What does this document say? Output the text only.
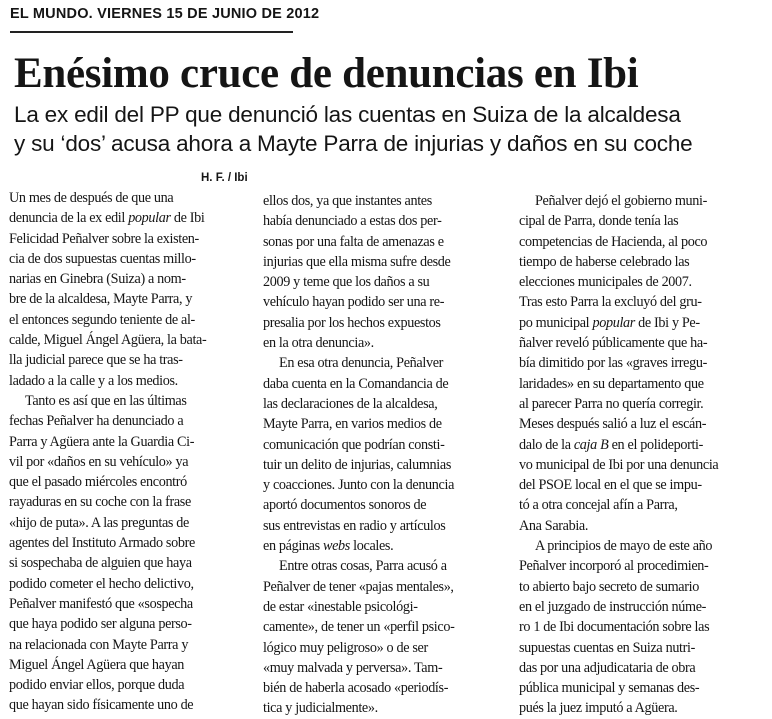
EL MUNDO. VIERNES 15 DE JUNIO DE 2012
Enésimo cruce de denuncias en Ibi
La ex edil del PP que denunció las cuentas en Suiza de la alcaldesa
y su ‘dos’ acusa ahora a Mayte Parra de injurias y daños en su coche
H. F. / Ibi
Un mes de después de que una
denuncia de la ex edil popular de Ibi
Felicidad Peñalver sobre la existen-
cia de dos supuestas cuentas millo-
narias en Ginebra (Suiza) a nom-
bre de la alcaldesa, Mayte Parra, y
el entonces segundo teniente de al-
calde, Miguel Ángel Agüera, la bata-
lla judicial parece que se ha tras-
ladado a la calle y a los medios.
Tanto es así que en las últimas
fechas Peñalver ha denunciado a
Parra y Agüera ante la Guardia Ci-
vil por «daños en su vehículo» ya
que el pasado miércoles encontró
rayaduras en su coche con la frase
«hijo de puta». A las preguntas de
agentes del Instituto Armado sobre
si sospechaba de alguien que haya
podido cometer el hecho delictivo,
Peñalver manifestó que «sospecha
que haya podido ser alguna perso-
na relacionada con Mayte Parra y
Miguel Ángel Agüera que hayan
podido enviar ellos, porque duda
que hayan sido físicamente uno de
ellos dos, ya que instantes antes
había denunciado a estas dos per-
sonas por una falta de amenazas e
injurias que ella misma sufre desde
2009 y teme que los daños a su
vehículo hayan podido ser una re-
presalia por los hechos expuestos
en la otra denuncia».
En esa otra denuncia, Peñalver
daba cuenta en la Comandancia de
las declaraciones de la alcaldesa,
Mayte Parra, en varios medios de
comunicación que podrían consti-
tuir un delito de injurias, calumnias
y coacciones. Junto con la denuncia
aportó documentos sonoros de
sus entrevistas en radio y artículos
en páginas webs locales.
Entre otras cosas, Parra acusó a
Peñalver de tener «pajas mentales»,
de estar «inestable psicológi-
camente», de tener un «perfil psico-
lógico muy peligroso» o de ser
«muy malvada y perversa». Tam-
bién de haberla acosado «periodís-
tica y judicialmente».
Peñalver dejó el gobierno muni-
cipal de Parra, donde tenía las
competencias de Hacienda, al poco
tiempo de haberse celebrado las
elecciones municipales de 2007.
Tras esto Parra la excluyó del gru-
po municipal popular de Ibi y Pe-
ñalver reveló públicamente que ha-
bía dimitido por las «graves irregu-
laridades» en su departamento que
al parecer Parra no quería corregir.
Meses después salió a luz el escán-
dalo de la caja B en el polideporti-
vo municipal de Ibi por una denuncia
del PSOE local en el que se impu-
tó a otra concejal afín a Parra,
Ana Sarabia.
A principios de mayo de este año
Peñalver incorporó al procedimien-
to abierto bajo secreto de sumario
en el juzgado de instrucción núme-
ro 1 de Ibi documentación sobre las
supuestas cuentas en Suiza nutri-
das por una adjudicataria de obra
pública municipal y semanas des-
pués la juez imputó a Agüera.
